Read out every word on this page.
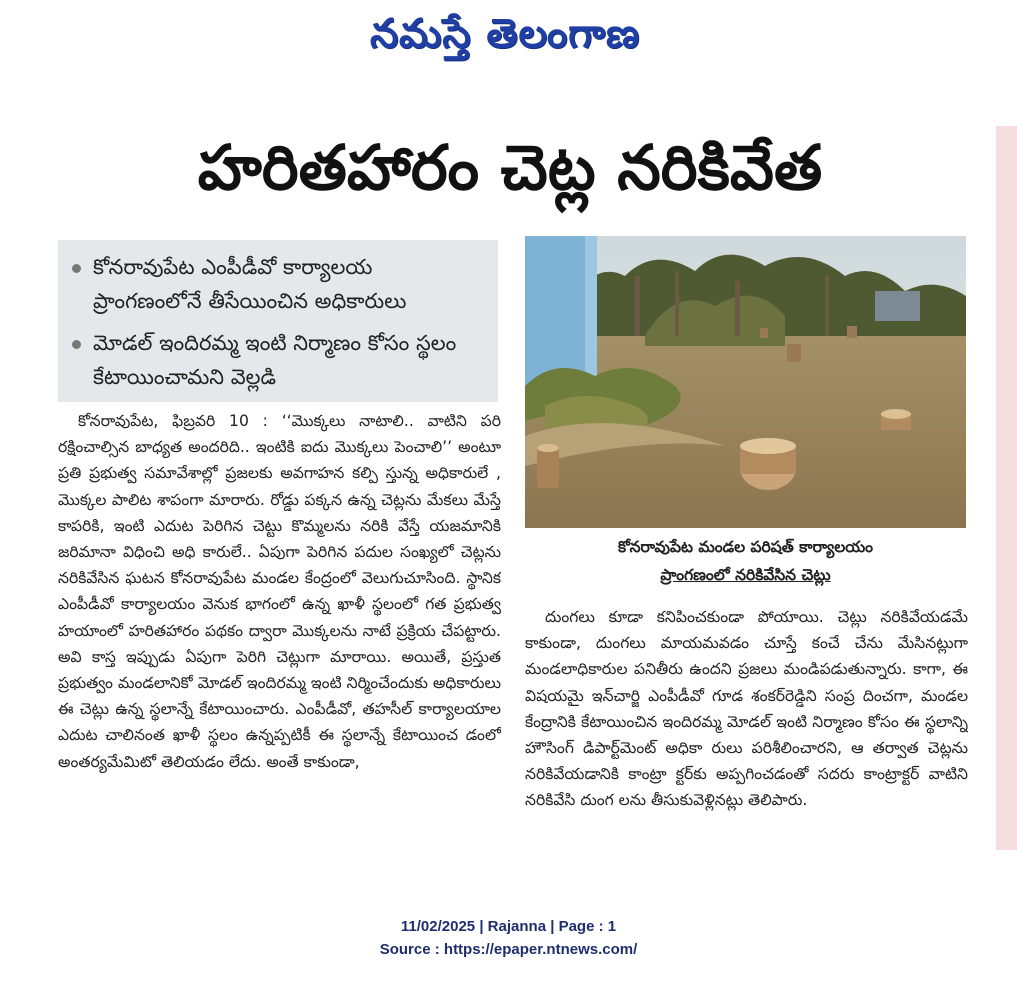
నమస్తే తెలంగాణ
హరితహారం చెట్ల నరికివేత
కోనరావుపేట ఎంపీడీవో కార్యాలయ ప్రాంగణంలోనే తీసేయించిన అధికారులు
మోడల్ ఇందిరమ్మ ఇంటి నిర్మాణం కోసం స్థలం కేటాయించామని వెల్లడి

కోనరావుపేట, ఫిబ్రవరి 10 : ‘‘మొక్కలు నాటాలి.. వాటిని పరి రక్షించాల్సిన బాధ్యత అందరిది.. ఇంటికి ఐదు మొక్కలు పెంచాలి’’ అంటూ ప్రతి ప్రభుత్వ సమావేశాల్లో ప్రజలకు అవగాహన కల్పి స్తున్న అధికారులే , మొక్కల పాలిట శాపంగా మారారు. రోడ్డు పక్కన ఉన్న చెట్లను మేకలు మేస్తే కాపరికి, ఇంటి ఎదుట పెరిగిన చెట్టు కొమ్మలను నరికి వేస్తే యజమానికి జరిమానా విధించి అధి కారులే.. ఏపుగా పెరిగిన పదుల సంఖ్యలో చెట్లను నరికివేసిన ఘటన కోనరావుపేట మండల కేంద్రంలో వెలుగుచూసింది. స్థానిక ఎంపీడీవో కార్యాలయం వెనుక భాగంలో ఉన్న ఖాళీ స్థలంలో గత ప్రభుత్వ హయాంలో హరితహారం పథకం ద్వారా మొక్కలను నాటే ప్రక్రియ చేపట్టారు. అవి కాస్త ఇప్పుడు ఏపుగా పెరిగి చెట్లుగా మారాయి. అయితే, ప్రస్తుత ప్రభుత్వం మండలానికో మోడల్ ఇందిరమ్మ ఇంటి నిర్మించేందుకు అధికారులు ఈ చెట్లు ఉన్న స్థలాన్నే కేటాయించారు. ఎంపీడీవో, తహసీల్ కార్యాలయాల ఎదుట చాలినంత ఖాళీ స్థలం ఉన్నప్పటికీ ఈ స్థలాన్నే కేటాయించ డంలో అంతర్యమేమిటో తెలియడం లేదు. అంతే కాకుండా,

కోనరావుపేట మండల పరిషత్ కార్యాలయం
ప్రాంగణంలో నరికివేసిన చెట్లు

దుంగలు కూడా కనిపించకుండా పోయాయి. చెట్లు నరికివేయడమే కాకుండా, దుంగలు మాయమవడం చూస్తే కంచే చేను మేసినట్లుగా మండలాధికారుల పనితీరు ఉందని ప్రజలు మండిపడుతున్నారు. కాగా, ఈ విషయమై ఇన్‌చార్జి ఎంపీడీవో గూడ శంకర్‌రెడ్డిని సంప్ర దించగా, మండల కేంద్రానికి కేటాయించిన ఇందిరమ్మ మోడల్ ఇంటి నిర్మాణం కోసం ఈ స్థలాన్ని హౌసింగ్ డిపార్ట్‌మెంట్ అధికా రులు పరిశీలించారని, ఆ తర్వాత చెట్లను నరికివేయడానికి కాంట్రా క్టర్‌కు అప్పగించడంతో సదరు కాంట్రాక్టర్ వాటిని నరికివేసి దుంగ లను తీసుకువెళ్లినట్లు తెలిపారు.

11/02/2025 | Rajanna | Page : 1
Source : https://epaper.ntnews.com/
